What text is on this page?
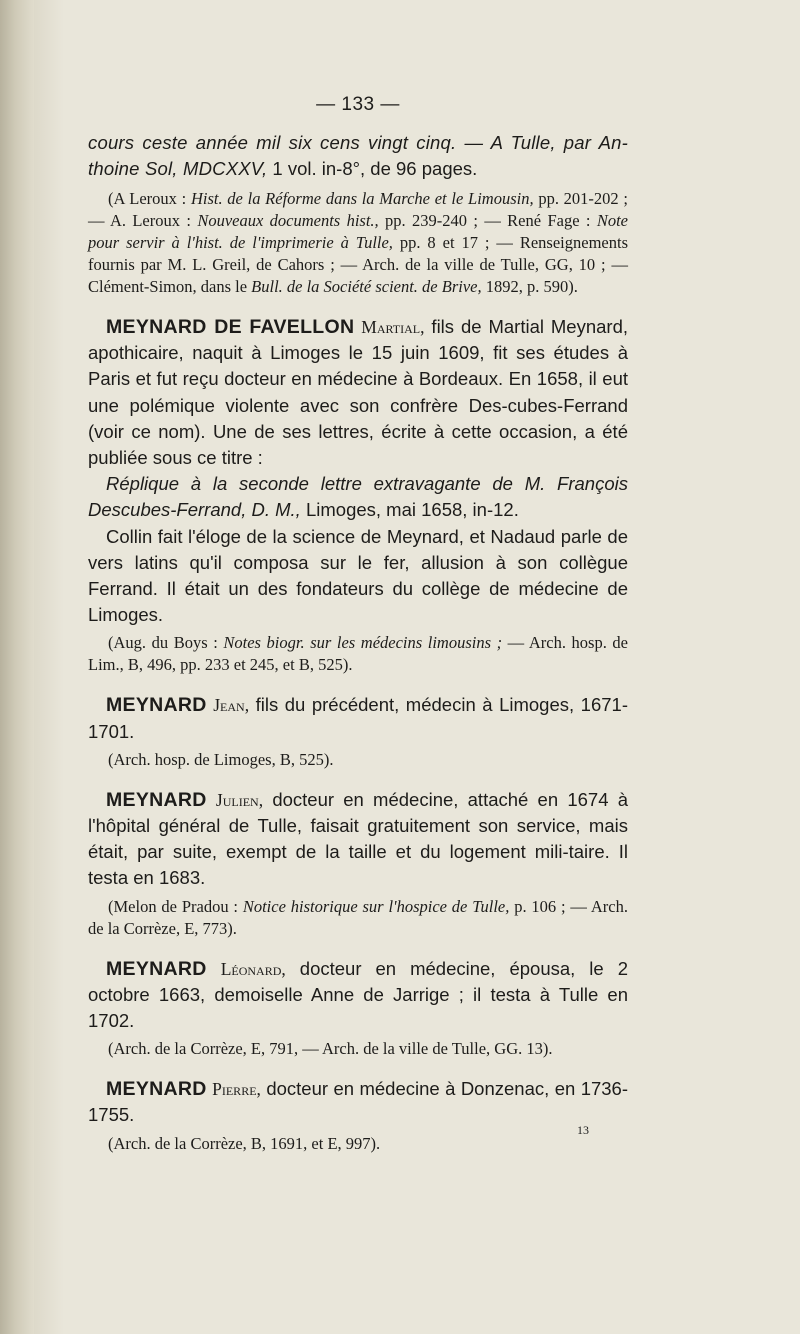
— 133 —

cours ceste année mil six cens vingt cinq. — A Tulle, par An-thoine Sol, MDCXXV, 1 vol. in-8°, de 96 pages.

(A Leroux : Hist. de la Réforme dans la Marche et le Limousin, pp. 201-202 ; — A. Leroux : Nouveaux documents hist., pp. 239-240 ; — René Fage : Note pour servir à l'hist. de l'imprimerie à Tulle, pp. 8 et 17 ; — Renseignements fournis par M. L. Greil, de Cahors ; — Arch. de la ville de Tulle, GG, 10 ; — Clément-Simon, dans le Bull. de la Société scient. de Brive, 1892, p. 590).

MEYNARD DE FAVELLON Martial, fils de Martial Meynard, apothicaire, naquit à Limoges le 15 juin 1609, fit ses études à Paris et fut reçu docteur en médecine à Bordeaux. En 1658, il eut une polémique violente avec son confrère Des-cubes-Ferrand (voir ce nom). Une de ses lettres, écrite à cette occasion, a été publiée sous ce titre :

Réplique à la seconde lettre extravagante de M. François Descubes-Ferrand, D. M., Limoges, mai 1658, in-12.

Collin fait l'éloge de la science de Meynard, et Nadaud parle de vers latins qu'il composa sur le fer, allusion à son collègue Ferrand. Il était un des fondateurs du collège de médecine de Limoges.

(Aug. du Boys : Notes biogr. sur les médecins limousins ; — Arch. hosp. de Lim., B, 496, pp. 233 et 245, et B, 525).

MEYNARD Jean, fils du précédent, médecin à Limoges, 1671-1701.

(Arch. hosp. de Limoges, B, 525).

MEYNARD Julien, docteur en médecine, attaché en 1674 à l'hôpital général de Tulle, faisait gratuitement son service, mais était, par suite, exempt de la taille et du logement mili-taire. Il testa en 1683.

(Melon de Pradou : Notice historique sur l'hospice de Tulle, p. 106 ; — Arch. de la Corrèze, E, 773).

MEYNARD Léonard, docteur en médecine, épousa, le 2 octobre 1663, demoiselle Anne de Jarrige ; il testa à Tulle en 1702.

(Arch. de la Corrèze, E, 791, — Arch. de la ville de Tulle, GG. 13).

MEYNARD Pierre, docteur en médecine à Donzenac, en 1736-1755.

(Arch. de la Corrèze, B, 1691, et E, 997).

13
